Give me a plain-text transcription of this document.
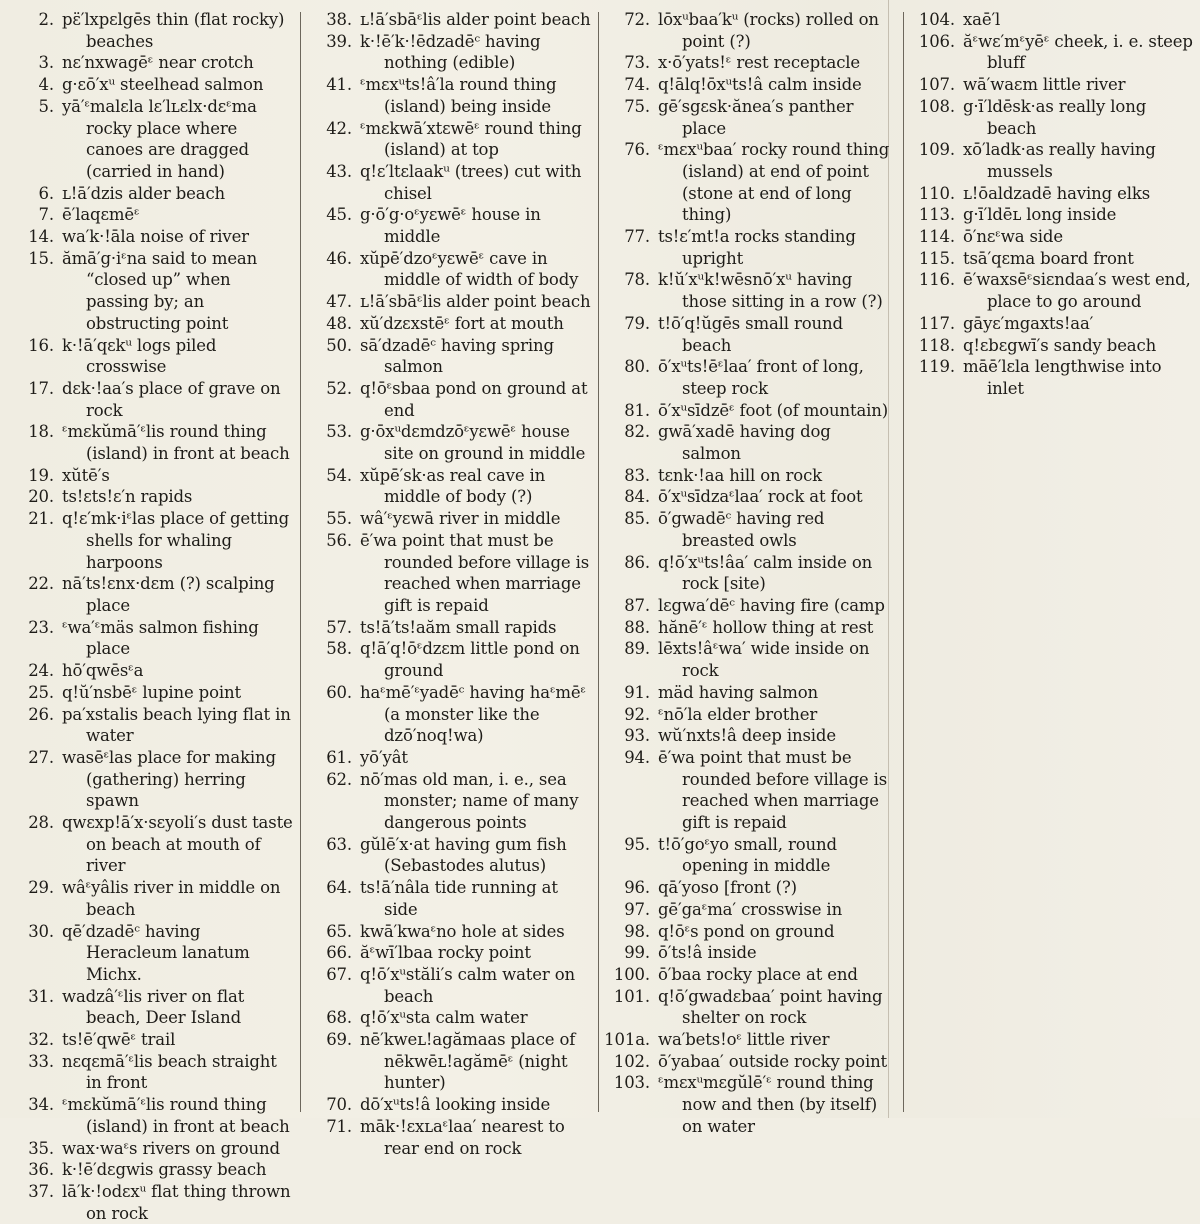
2. pɛ̈′lxpɛlgēs thin (flat rocky) beaches
3. nɛ′nxwagēᵋ near crotch
4. g·ɛō′xᵘ steelhead salmon
5. yā′ᵋmalɛla lɛ′lʟɛlx·dɛᵋma rocky place where canoes are dragged (carried in hand)
6. ʟ!ā′dzis alder beach
7. ē′laqɛmēᵋ
14. wa′k·!āla noise of river
15. ămā′g·iᵋna said to mean “closed up” when passing by; an obstructing point
16. k·!ā′qɛkᵘ logs piled crosswise
17. dɛk·!aa′s place of grave on rock
18. ᵋmɛkŭmā′ᵋlis round thing (island) in front at beach
19. xŭtē′s
20. ts!ɛts!ɛ′n rapids
21. q!ɛ′mk·iᵋlas place of getting shells for whaling harpoons
22. nā′ts!ɛnx·dɛm (?) scalping place
23. ᵋwa′ᵋmäs salmon fishing place
24. hō′qwēsᵋa
25. q!ŭ′nsbēᵋ lupine point
26. pa′xstalis beach lying flat in water
27. wasēᵋlas place for making (gathering) herring spawn
28. qwɛxp!ā′x·sɛyoli′s dust taste on beach at mouth of river
29. wâᵋyâlis river in middle on beach
30. qē′dzadēᶜ having Heracleum lanatum Michx.
31. wadzâ′ᵋlis river on flat beach, Deer Island
32. ts!ē′qwēᵋ trail
33. nɛqɛmā′ᵋlis beach straight in front
34. ᵋmɛkŭmā′ᵋlis round thing (island) in front at beach
35. wax·waᵋs rivers on ground
36. k·!ē′dɛgwis grassy beach
37. lā′k·!odɛxᵘ flat thing thrown on rock
38. ʟ!ā′sbāᵋlis alder point beach
39. k·!ē′k·!ēdzadēᶜ having nothing (edible)
41. ᵋmɛxᵘts!â′la round thing (island) being inside
42. ᵋmɛkwā′xtɛwēᵋ round thing (island) at top
43. q!ɛ′ltɛlaakᵘ (trees) cut with chisel
45. g·ō′g·oᵋyɛwēᵋ house in middle
46. xŭpē′dzoᵋyɛwēᵋ cave in middle of width of body
47. ʟ!ā′sbāᵋlis alder point beach
48. xŭ′dzɛxstēᵋ fort at mouth
50. sā′dzadēᶜ having spring salmon
52. q!ōᵋsbaa pond on ground at end
53. g·ōxᵘdɛmdzōᵋyɛwēᵋ house site on ground in middle
54. xŭpē′sk·as real cave in middle of body (?)
55. wâ′ᵋyɛwā river in middle
56. ē′wa point that must be rounded before village is reached when marriage gift is repaid
57. ts!ā′ts!aăm small rapids
58. q!ā′q!ōᵋdzɛm little pond on ground
60. haᵋmē′ᵋyadēᶜ having haᵋmēᵋ (a monster like the dzō′noq!wa)
61. yō′yât
62. nō′mas old man, i. e., sea monster; name of many dangerous points
63. gŭlē′x·at having gum fish (Sebastodes alutus)
64. ts!ā′nâla tide running at side
65. kwā′kwaᵋno hole at sides
66. ăᵋwī′lbaa rocky point
67. q!ō′xᵘstăli′s calm water on beach
68. q!ō′xᵘsta calm water
69. nē′kweʟ!agămaas place of nēkwēʟ!agămēᵋ (night hunter)
70. dō′xᵘts!â looking inside
71. māk·!ɛxʟaᵋlaa′ nearest to rear end on rock
72. lōxᵘbaa′kᵘ (rocks) rolled on point (?)
73. x·ō′yats!ᵋ rest receptacle
74. q!ālq!ōxᵘts!â calm inside
75. gē′sgɛsk·ănea′s panther place
76. ᵋmɛxᵘbaa′ rocky round thing (island) at end of point (stone at end of long thing)
77. ts!ɛ′mt!a rocks standing upright
78. k!ŭ′xᵘk!wēsnō′xᵘ having those sitting in a row (?)
79. t!ō′q!ŭgēs small round beach
80. ō′xᵘts!ēᵋlaa′ front of long, steep rock
81. ō′xᵘsīdzēᵋ foot (of mountain)
82. gwā′xadē having dog salmon
83. tɛnk·!aa hill on rock
84. ō′xᵘsīdzaᵋlaa′ rock at foot
85. ō′gwadēᶜ having red breasted owls
86. q!ō′xᵘts!âa′ calm inside on rock [site)
87. lɛgwa′dēᶜ having fire (camp
88. hănē′ᵋ hollow thing at rest
89. lēxts!âᵋwa′ wide inside on rock
91. mäd having salmon
92. ᵋnō′la elder brother
93. wŭ′nxts!â deep inside
94. ē′wa point that must be rounded before village is reached when marriage gift is repaid
95. t!ō′goᵋyo small, round opening in middle
96. qā′yoso [front (?)
97. gē′gaᵋma′ crosswise in
98. q!ōᵋs pond on ground
99. ō′ts!â inside
100. ō′baa rocky place at end
101. q!ō′gwadɛbaa′ point having shelter on rock
101a. wa′bets!oᵋ little river
102. ō′yabaa′ outside rocky point
103. ᵋmɛxᵘmɛgŭlē′ᵋ round thing now and then (by itself) on water
104. xaē′l
106. ăᵋwɛ′mᵋyēᵋ cheek, i. e. steep bluff
107. wā′waɛm little river
108. g·ī′ldēsk·as really long beach
109. xō′ladk·as really having mussels
110. ʟ!ōaldzadē having elks
113. g·ī′ldēʟ long inside
114. ō′nɛᵋwa side
115. tsā′qɛma board front
116. ē′waxsēᵋsiɛndaa′s west end, place to go around
117. gāyɛ′mgaxts!aa′
118. q!ɛbɛgwī′s sandy beach
119. māē′lɛla lengthwise into inlet
